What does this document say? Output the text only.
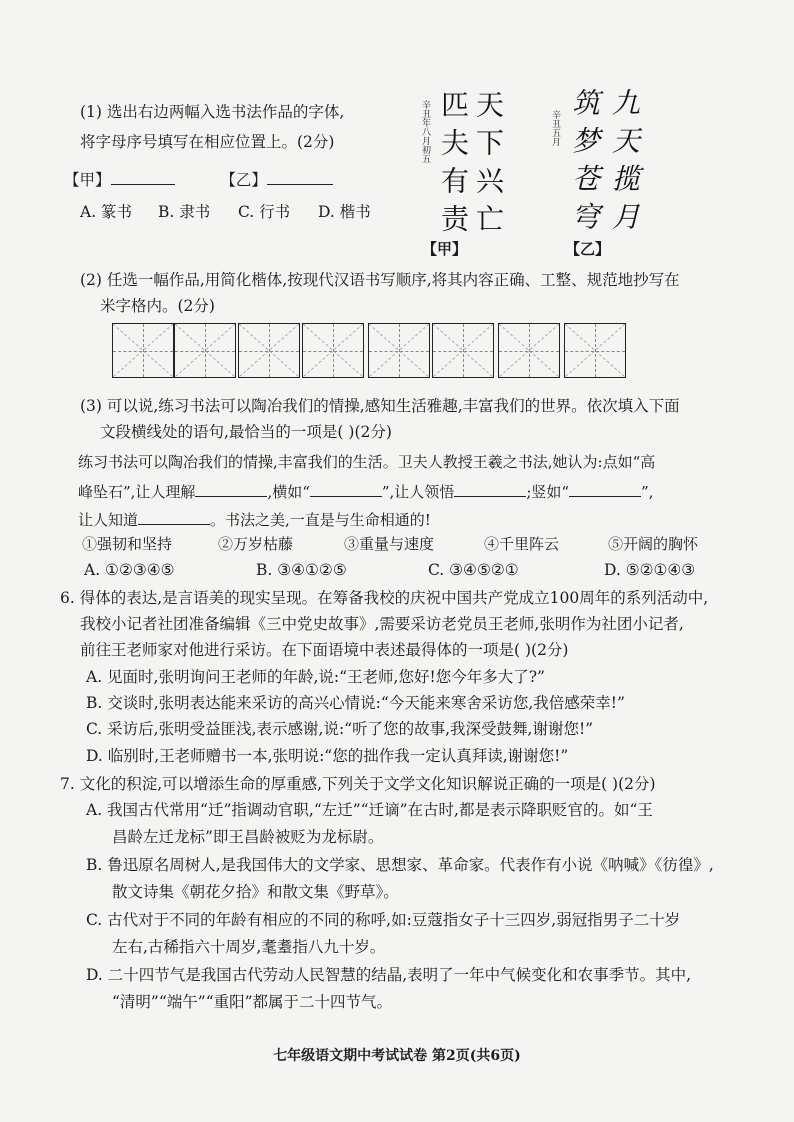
(1) 选出右边两幅入选书法作品的字体,
将字母序号填写在相应位置上。(2分)
【甲】	【乙】
A. 篆书 B. 隶书 C. 行书 D. 楷书
辛丑年八月初五 天下兴亡
匹夫有责
【甲】
辛丑五月 九天揽月
筑梦苍穹
【乙】
(2) 任选一幅作品,用简化楷体,按现代汉语书写顺序,将其内容正确、工整、规范地抄写在
米字格内。(2分)
(3) 可以说,练习书法可以陶冶我们的情操,感知生活雅趣,丰富我们的世界。依次填入下面
文段横线处的语句,最恰当的一项是( )(2分)
练习书法可以陶冶我们的情操,丰富我们的生活。卫夫人教授王羲之书法,她认为:点如“高
峰坠石”,让人理解	,横如“	”,让人领悟	;竖如“	”,
让人知道	。书法之美,一直是与生命相通的!
①强韧和坚持	②万岁枯藤	③重量与速度	④千里阵云	⑤开阔的胸怀
A. ①②③④⑤	B. ③④①②⑤	C. ③④⑤②①	D. ⑤②①④③
6. 得体的表达,是言语美的现实呈现。在筹备我校的庆祝中国共产党成立100周年的系列活动中,
我校小记者社团准备编辑《三中党史故事》,需要采访老党员王老师,张明作为社团小记者,
前往王老师家对他进行采访。在下面语境中表述最得体的一项是( )(2分)
A. 见面时,张明询问王老师的年龄,说:“王老师,您好!您今年多大了?”
B. 交谈时,张明表达能来采访的高兴心情说:“今天能来寒舍采访您,我倍感荣幸!”
C. 采访后,张明受益匪浅,表示感谢,说:“听了您的故事,我深受鼓舞,谢谢您!”
D. 临别时,王老师赠书一本,张明说:“您的拙作我一定认真拜读,谢谢您!”
7. 文化的积淀,可以增添生命的厚重感,下列关于文学文化知识解说正确的一项是( )(2分)
A. 我国古代常用“迁”指调动官职,“左迁”“迁谪”在古时,都是表示降职贬官的。如“王
昌龄左迁龙标”即王昌龄被贬为龙标尉。
B. 鲁迅原名周树人,是我国伟大的文学家、思想家、革命家。代表作有小说《呐喊》《彷徨》,
散文诗集《朝花夕拾》和散文集《野草》。
C. 古代对于不同的年龄有相应的不同的称呼,如:豆蔻指女子十三四岁,弱冠指男子二十岁
左右,古稀指六十周岁,耄耋指八九十岁。
D. 二十四节气是我国古代劳动人民智慧的结晶,表明了一年中气候变化和农事季节。其中,
“清明”“端午”“重阳”都属于二十四节气。
七年级语文期中考试试卷 第2页(共6页)
